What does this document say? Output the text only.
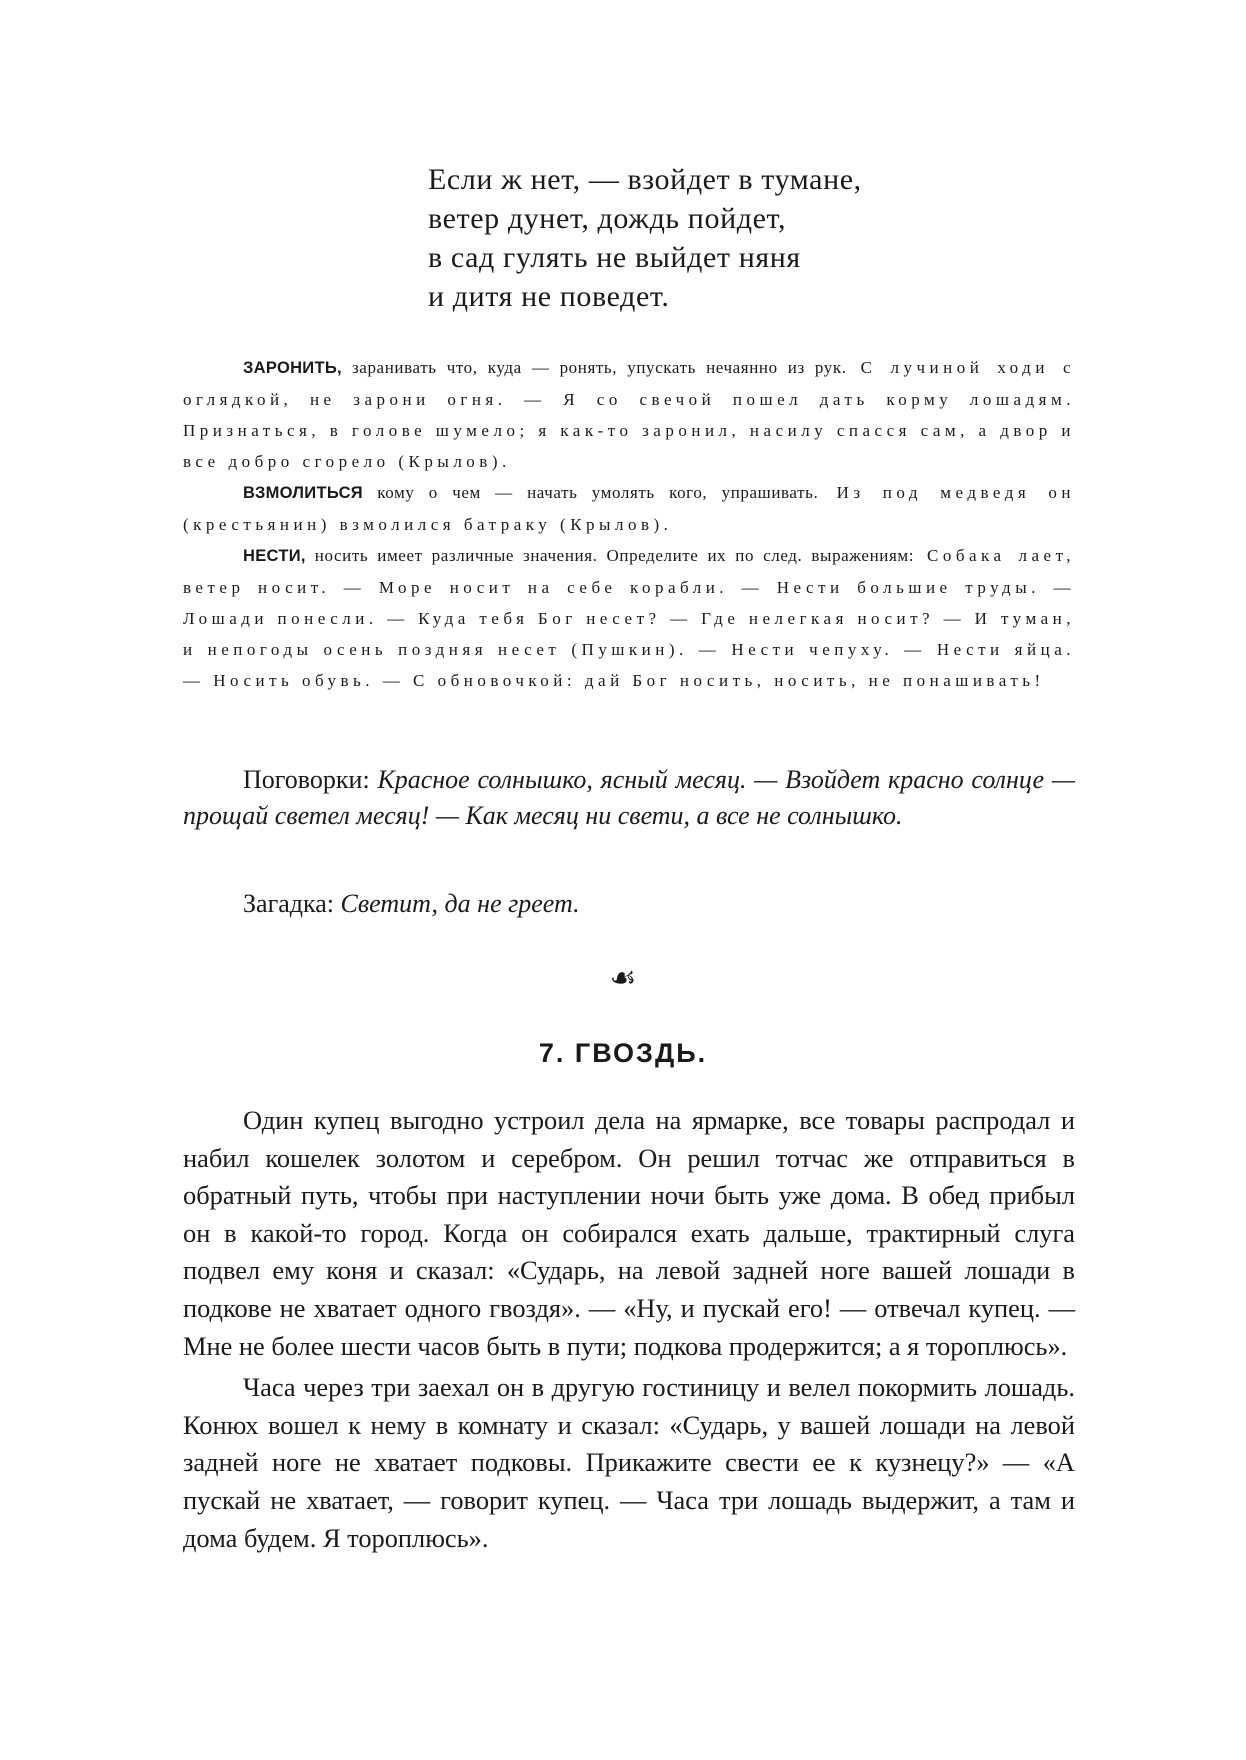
Если ж нет, — взойдет в тумане,
ветер дунет, дождь пойдет,
в сад гулять не выйдет няня
и дитя не поведет.

ЗАРОНИТЬ, заранивать что, куда — ронять, упускать нечаянно из рук. С лучиной ходи с оглядкой, не зарони огня. — Я со свечой пошел дать корму лошадям. Признаться, в голове шумело; я как-то заронил, насилу спасся сам, а двор и все добро сгорело (Крылов).

ВЗМОЛИТЬСЯ кому о чем — начать умолять кого, упрашивать. Из под медведя он (крестьянин) взмолился батраку (Крылов).

НЕСТИ, носить имеет различные значения. Определите их по след. выражениям: Собака лает, ветер носит. — Море носит на себе корабли. — Нести большие труды. — Лошади понесли. — Куда тебя Бог несет? — Где нелегкая носит? — И туман, и непогоды осень поздняя несет (Пушкин). — Нести чепуху. — Нести яйца. — Носить обувь. — С обновочкой: дай Бог носить, носить, не понашивать!

Поговорки: Красное солнышко, ясный месяц. — Взойдет красно солнце — прощай светел месяц! — Как месяц ни свети, а все не солнышко.

Загадка: Светит, да не греет.

☙
7. ГВОЗДЬ.

Один купец выгодно устроил дела на ярмарке, все товары распродал и набил кошелек золотом и серебром. Он решил тотчас же отправиться в обратный путь, чтобы при наступлении ночи быть уже дома. В обед прибыл он в какой-то город. Когда он собирался ехать дальше, трактирный слуга подвел ему коня и сказал: «Сударь, на левой задней ноге вашей лошади в подкове не хватает одного гвоздя». — «Ну, и пускай его! — отвечал купец. — Мне не более шести часов быть в пути; подкова продержится; а я тороплюсь».

Часа через три заехал он в другую гостиницу и велел покормить лошадь. Конюх вошел к нему в комнату и сказал: «Сударь, у вашей лошади на левой задней ноге не хватает подковы. Прикажите свести ее к кузнецу?» — «А пускай не хватает, — говорит купец. — Часа три лошадь выдержит, а там и дома будем. Я тороплюсь».
